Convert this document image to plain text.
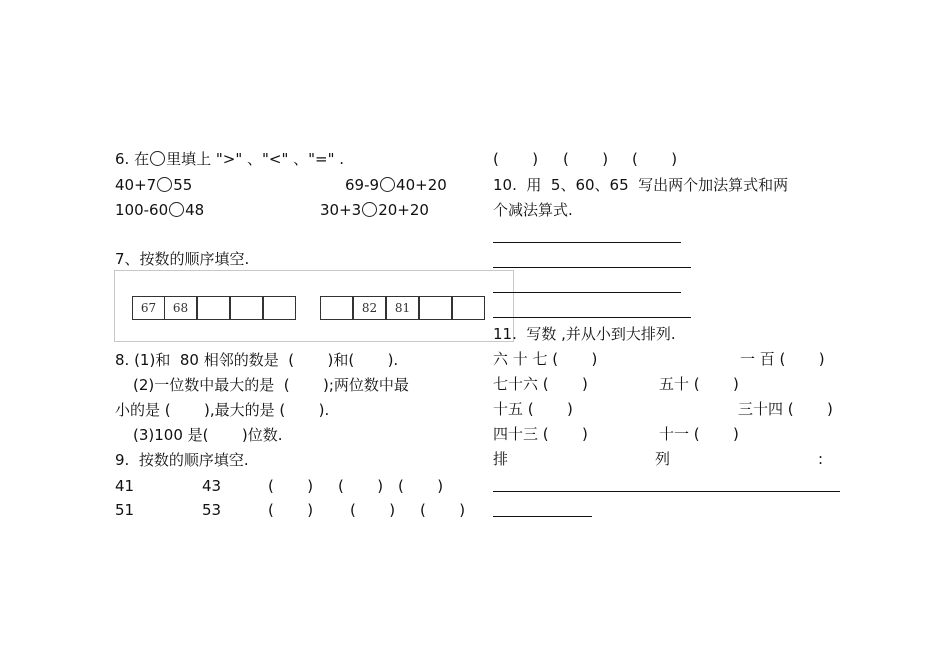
6. 在 里填上 ">" 、"<" 、"=" .
40+7 55	69-9 40+20
100-60 48	30+3 20+20
7、按数的顺序填空.
67	68	82	81
8. (1)和  80 相邻的数是  (       )和(       ).
(2)一位数中最大的是  (       );两位数中最
小的是 (       ),最大的是 (       ).
(3)100 是(       )位数.
9.  按数的顺序填空.
41	43	(       ) (       ) (       )
51	53	(       ) (       ) (       )
(       ) (       ) (       )
10.  用  5、60、65  写出两个加法算式和两
个减法算式.
11.  写数 ,并从小到大排列.
六 十 七 (       )	一 百 (       )
七十六 (       )	五十 (       )
十五 (       )	三十四 (       )
四十三 (       )	十一 (       )
排	列	:
